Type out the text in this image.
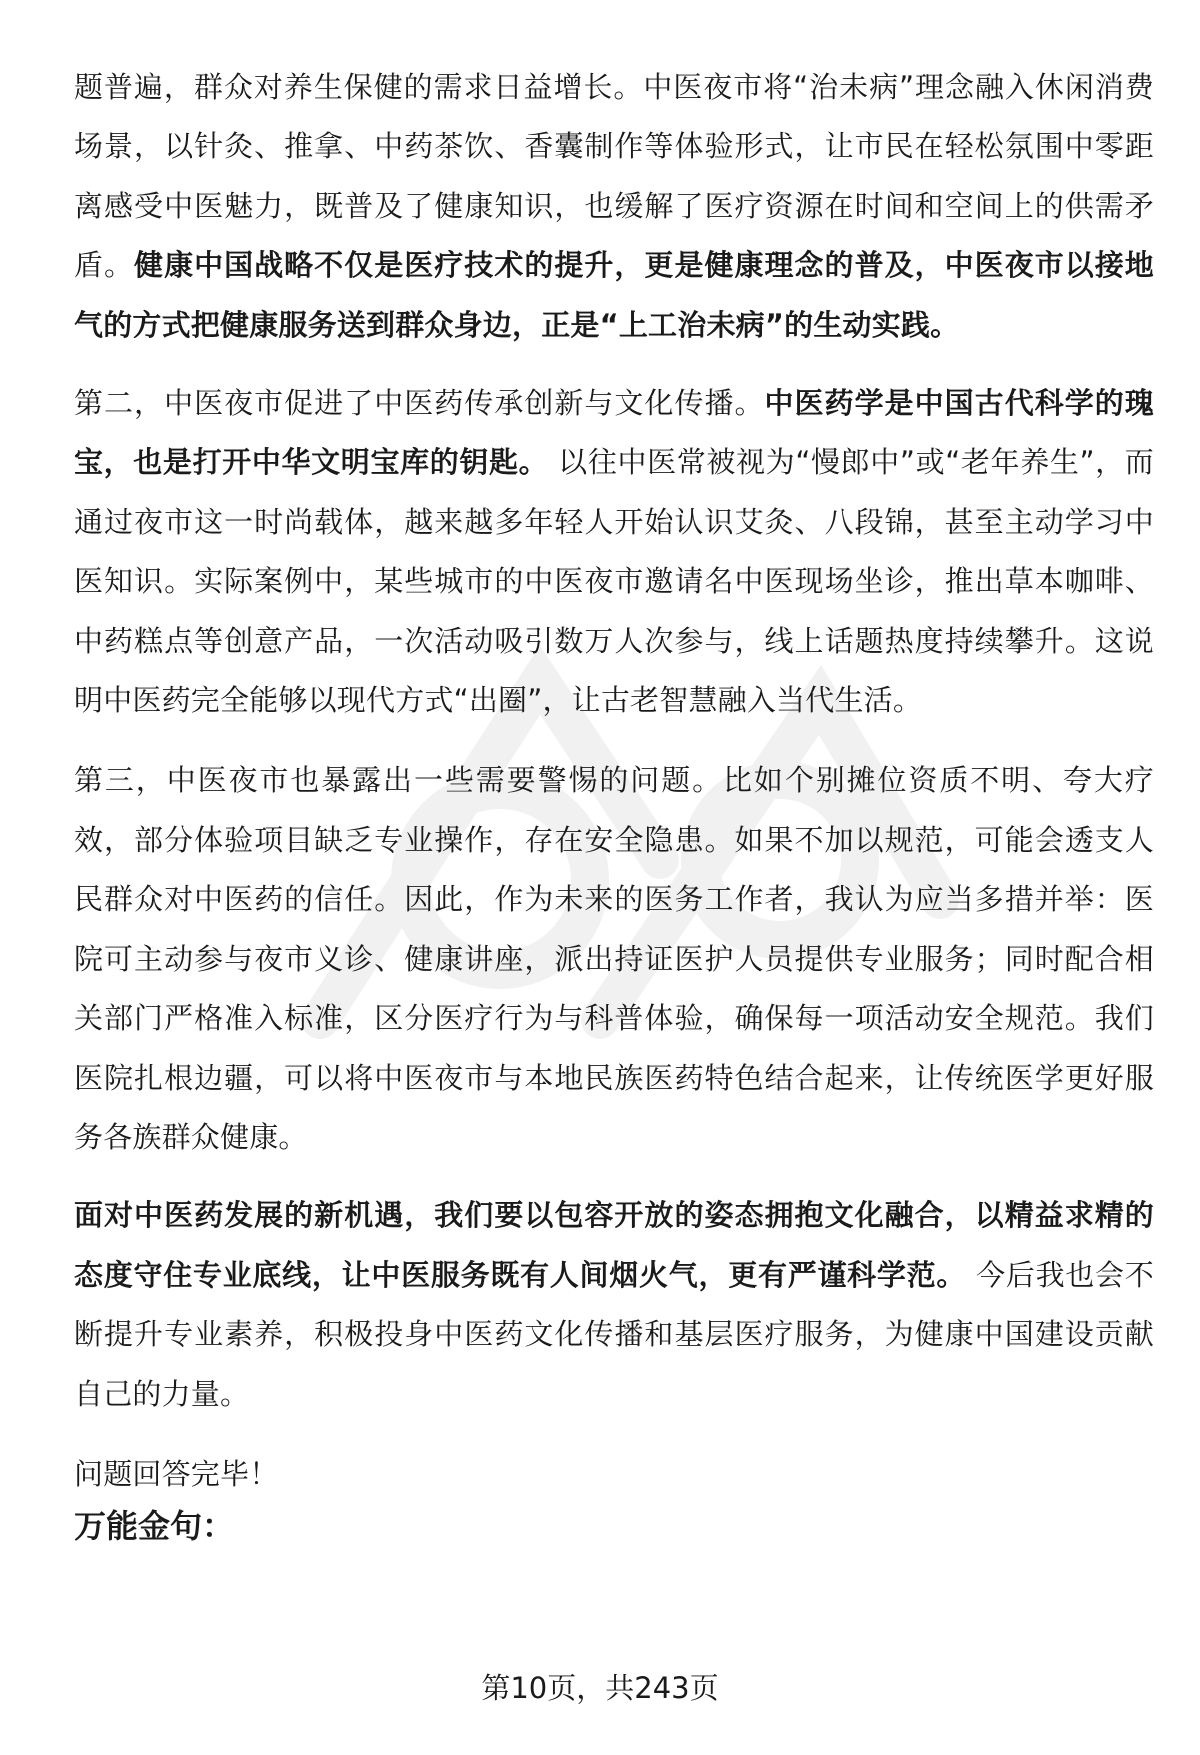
题普遍，群众对养生保健的需求日益增长。中医夜市将“治未病”理念融入休闲消费场景，以针灸、推拿、中药茶饮、香囊制作等体验形式，让市民在轻松氛围中零距离感受中医魅力，既普及了健康知识，也缓解了医疗资源在时间和空间上的供需矛盾。健康中国战略不仅是医疗技术的提升，更是健康理念的普及，中医夜市以接地气的方式把健康服务送到群众身边，正是“上工治未病”的生动实践。

第二，中医夜市促进了中医药传承创新与文化传播。中医药学是中国古代科学的瑰宝，也是打开中华文明宝库的钥匙。 以往中医常被视为“慢郎中”或“老年养生”，而通过夜市这一时尚载体，越来越多年轻人开始认识艾灸、八段锦，甚至主动学习中医知识。实际案例中，某些城市的中医夜市邀请名中医现场坐诊，推出草本咖啡、中药糕点等创意产品，一次活动吸引数万人次参与，线上话题热度持续攀升。这说明中医药完全能够以现代方式“出圈”，让古老智慧融入当代生活。

第三，中医夜市也暴露出一些需要警惕的问题。比如个别摊位资质不明、夸大疗效，部分体验项目缺乏专业操作，存在安全隐患。如果不加以规范，可能会透支人民群众对中医药的信任。因此，作为未来的医务工作者，我认为应当多措并举：医院可主动参与夜市义诊、健康讲座，派出持证医护人员提供专业服务；同时配合相关部门严格准入标准，区分医疗行为与科普体验，确保每一项活动安全规范。我们医院扎根边疆，可以将中医夜市与本地民族医药特色结合起来，让传统医学更好服务各族群众健康。

面对中医药发展的新机遇，我们要以包容开放的姿态拥抱文化融合，以精益求精的态度守住专业底线，让中医服务既有人间烟火气，更有严谨科学范。 今后我也会不断提升专业素养，积极投身中医药文化传播和基层医疗服务，为健康中国建设贡献自己的力量。

问题回答完毕！

万能金句：

第10页，共243页
